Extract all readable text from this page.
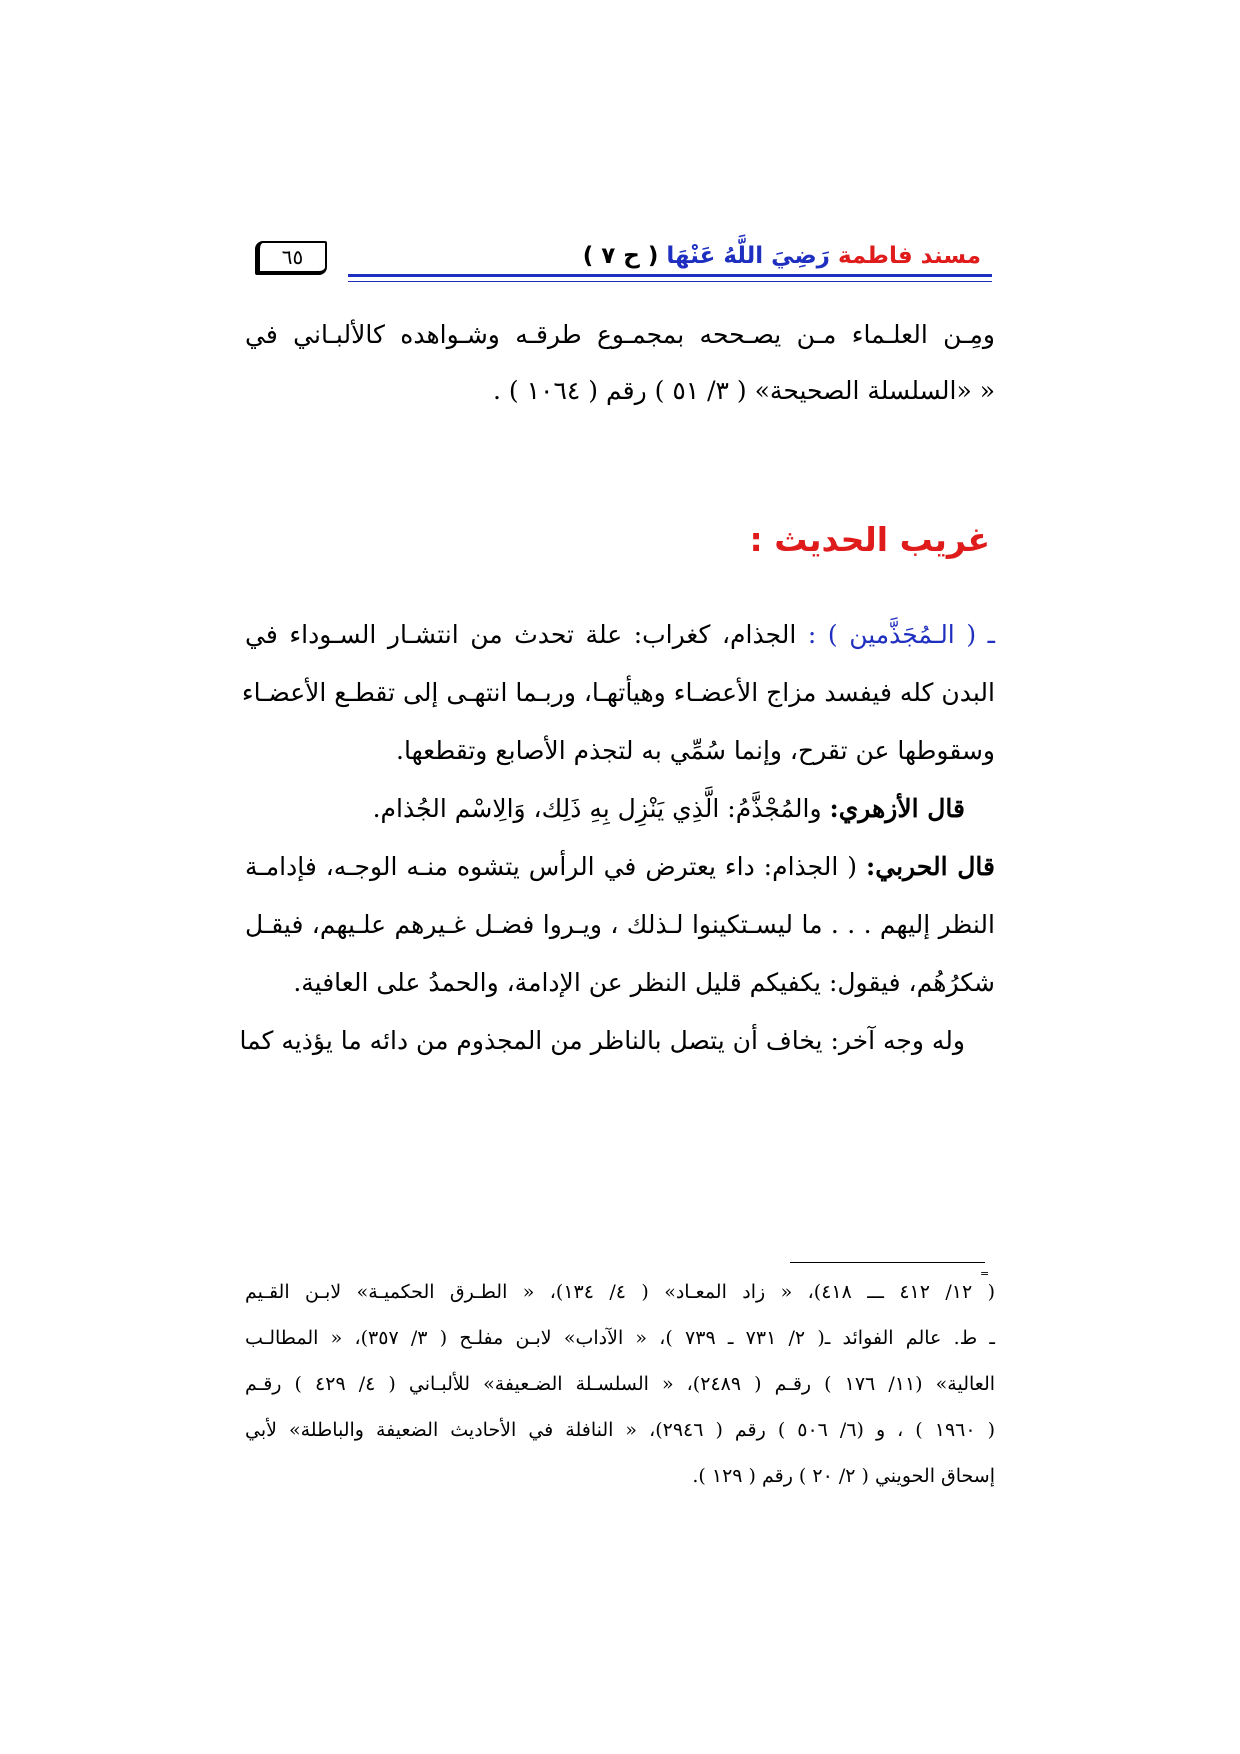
مسند فاطمة رَضِيَ اللَّهُ عَنْهَا ( ح ٧ )
٦٥
ومِـن العلـماء مـن يصـححه بمجمـوع طرقـه وشـواهده كالألبـاني في
« «السلسلة الصحيحة» ( ٣/ ٥١ ) رقم ( ١٠٦٤ ) .
غريب الحديث :
ـ ( الـمُجَذَّمين ) : الجذام، كغراب: علة تحدث من انتشـار السـوداء في
البدن كله فيفسد مزاج الأعضـاء وهيأتهـا، وربـما انتهـى إلى تقطـع الأعضـاء
وسقوطها عن تقرح، وإنما سُمِّي به لتجذم الأصابع وتقطعها.
قال الأزهري: والمُجْذَّمُ: الَّذِي يَنْزِل بِهِ ذَلِك، وَالِاسْم الجُذام.
قال الحربي: ( الجذام: داء يعترض في الرأس يتشوه منـه الوجـه، فإدامـة
النظر إليهم . . . ما ليسـتكينوا لـذلك ، ويـروا فضـل غـيرهم علـيهم، فيقـل
شكرُهُم، فيقول: يكفيكم قليل النظر عن الإدامة، والحمدُ على العافية.
وله وجه آخر: يخاف أن يتصل بالناظر من المجذوم من دائه ما يؤذيه كما
=
( ١٢/ ٤١٢ ـــ ٤١٨)، « زاد المعـاد» ( ٤/ ١٣٤)، « الطـرق الحكميـة» لابـن القـيم
ـ ط. عالم الفوائد ـ( ٢/ ٧٣١ ـ ٧٣٩ )، « الآداب» لابـن مفلـح ( ٣/ ٣٥٧)، « المطالـب
العالية» (١١/ ١٧٦ ) رقـم ( ٢٤٨٩)، « السلسـلة الضـعيفة» للألبـاني ( ٤/ ٤٢٩ ) رقـم
( ١٩٦٠ ) ، و (٦/ ٥٠٦ ) رقم ( ٢٩٤٦)، « النافلة في الأحاديث الضعيفة والباطلة» لأبي
إسحاق الحويني ( ٢/ ٢٠ ) رقم ( ١٢٩ ).
